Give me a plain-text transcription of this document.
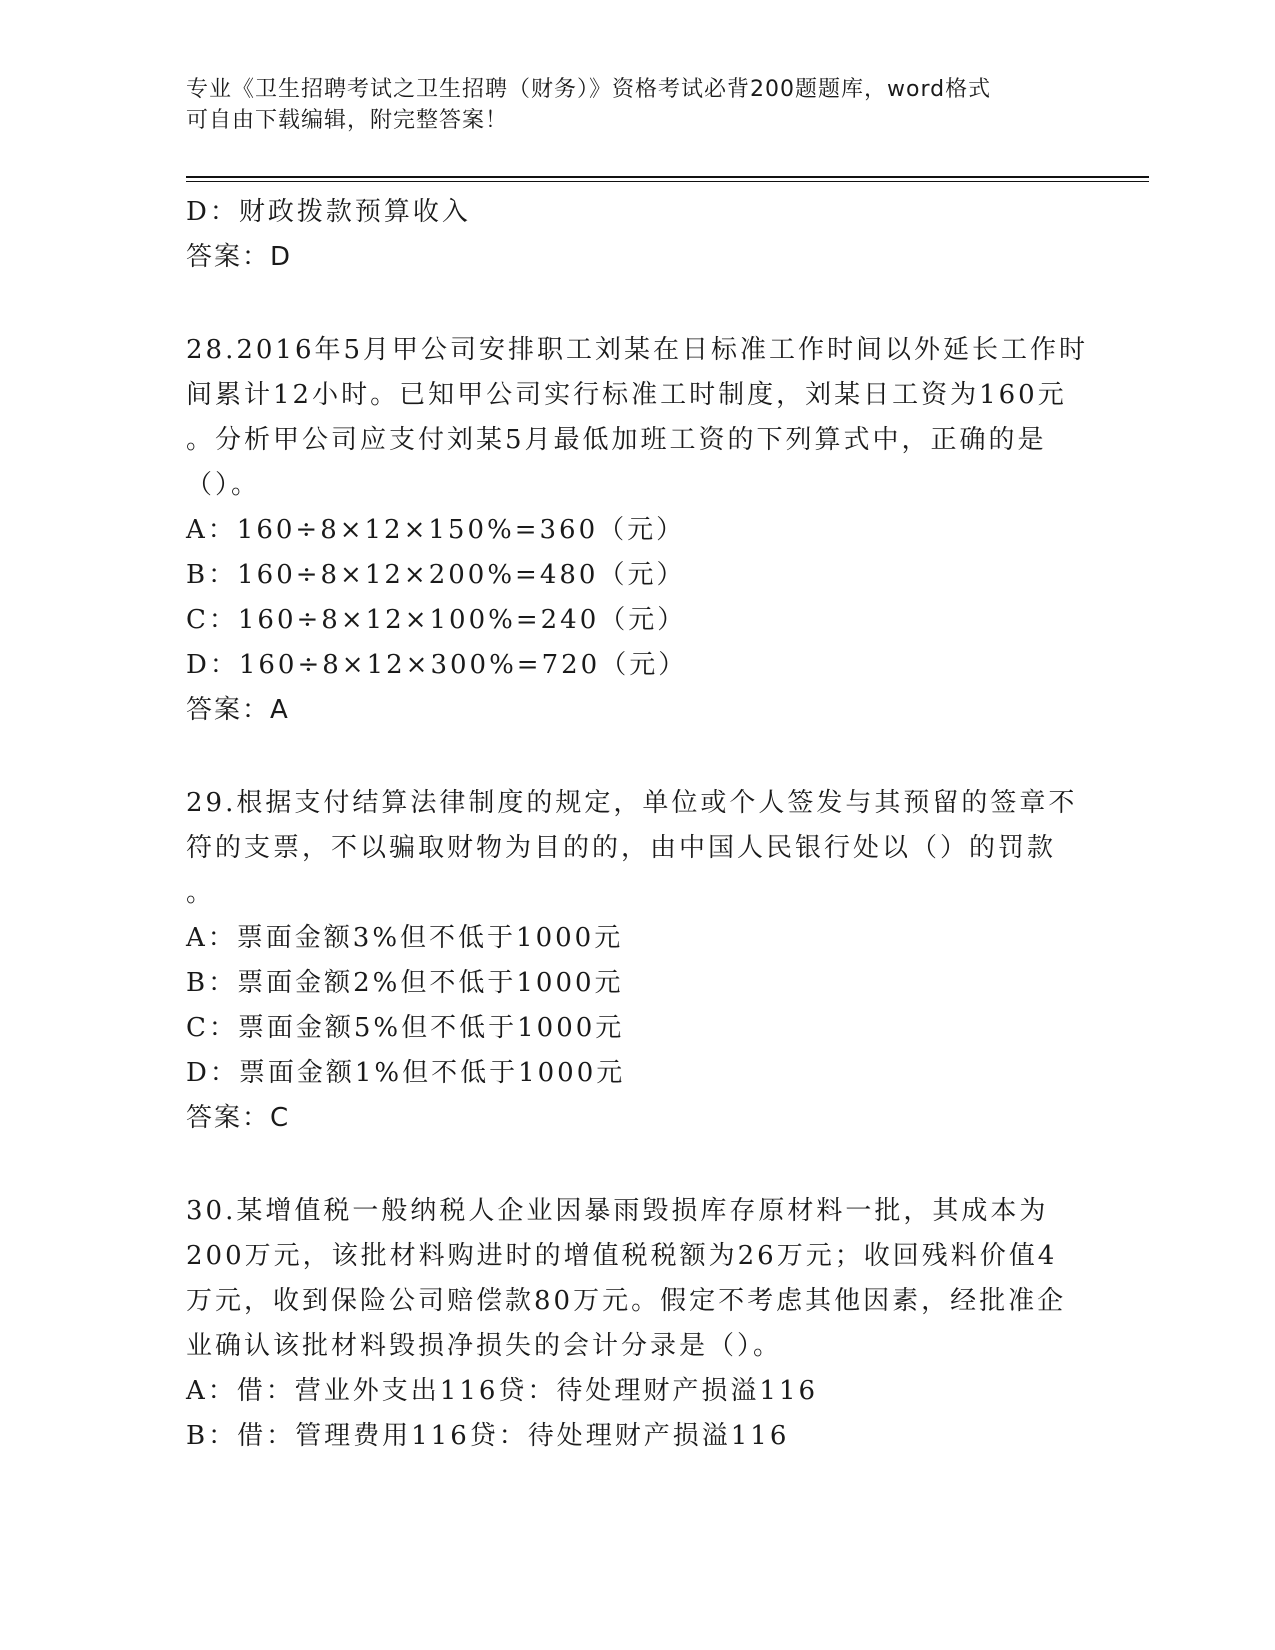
专业《卫生招聘考试之卫生招聘（财务）》资格考试必背200题题库，word格式
可自由下载编辑，附完整答案！
D：财政拨款预算收入
答案：D
28.2016年5月甲公司安排职工刘某在日标准工作时间以外延长工作时
间累计12小时。已知甲公司实行标准工时制度，刘某日工资为160元
。分析甲公司应支付刘某5月最低加班工资的下列算式中，正确的是
（）。
A：160÷8×12×150%=360（元）
B：160÷8×12×200%=480（元）
C：160÷8×12×100%=240（元）
D：160÷8×12×300%=720（元）
答案：A
29.根据支付结算法律制度的规定，单位或个人签发与其预留的签章不
符的支票，不以骗取财物为目的的，由中国人民银行处以（）的罚款
。
A：票面金额3%但不低于1000元
B：票面金额2%但不低于1000元
C：票面金额5%但不低于1000元
D：票面金额1%但不低于1000元
答案：C
30.某增值税一般纳税人企业因暴雨毁损库存原材料一批，其成本为
200万元，该批材料购进时的增值税税额为26万元；收回残料价值4
万元，收到保险公司赔偿款80万元。假定不考虑其他因素，经批准企
业确认该批材料毁损净损失的会计分录是（）。
A：借：营业外支出116贷：待处理财产损溢116
B：借：管理费用116贷：待处理财产损溢116
